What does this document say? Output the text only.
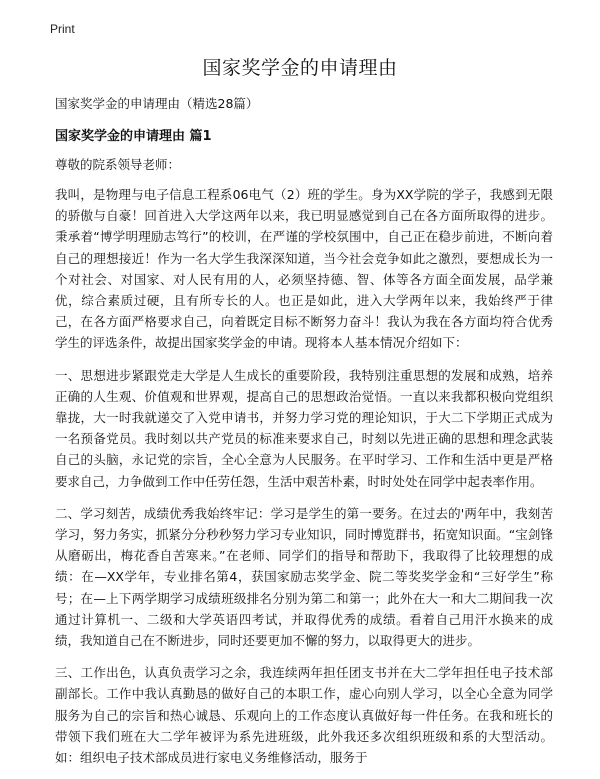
Print
国家奖学金的申请理由

国家奖学金的申请理由（精选28篇）

国家奖学金的申请理由 篇1

尊敬的院系领导老师：

我叫，是物理与电子信息工程系06电气（2）班的学生。身为XX学院的学子，我感到无限的骄傲与自豪！回首进入大学这两年以来，我已明显感觉到自己在各方面所取得的进步。秉承着“博学明理励志笃行”的校训，在严谨的学校氛围中，自己正在稳步前进，不断向着自己的理想接近！作为一名大学生我深深知道，当今社会竞争如此之激烈，要想成长为一个对社会、对国家、对人民有用的人，必须坚持德、智、体等各方面全面发展，品学兼优，综合素质过硬，且有所专长的人。也正是如此，进入大学两年以来，我始终严于律己，在各方面严格要求自己，向着既定目标不断努力奋斗！我认为我在各方面均符合优秀学生的评选条件，故提出国家奖学金的申请。现将本人基本情况介绍如下：

一、思想进步紧跟党走大学是人生成长的重要阶段，我特别注重思想的发展和成熟，培养正确的人生观、价值观和世界观，提高自己的思想政治觉悟。一直以来我都积极向党组织靠拢，大一时我就递交了入党申请书，并努力学习党的理论知识，于大二下学期正式成为一名预备党员。我时刻以共产党员的标准来要求自己，时刻以先进正确的思想和理念武装自己的头脑，永记党的宗旨，全心全意为人民服务。在平时学习、工作和生活中更是严格要求自己，力争做到工作中任劳任怨，生活中艰苦朴素，时时处处在同学中起表率作用。

二、学习刻苦，成绩优秀我始终牢记：学习是学生的第一要务。在过去的'两年中，我刻苦学习，努力务实，抓紧分分秒秒努力学习专业知识，同时博览群书，拓宽知识面。“宝剑锋从磨砺出，梅花香自苦寒来。”在老师、同学们的指导和帮助下，我取得了比较理想的成绩：在—XX学年，专业排名第4，获国家励志奖学金、院二等奖奖学金和“三好学生”称号；在—上下两学期学习成绩班级排名分别为第二和第一；此外在大一和大二期间我一次通过计算机一、二级和大学英语四考试，并取得优秀的成绩。看着自己用汗水换来的成绩，我知道自己在不断进步，同时还要更加不懈的努力，以取得更大的进步。

三、工作出色，认真负责学习之余，我连续两年担任团支书并在大二学年担任电子技术部副部长。工作中我认真勤恳的做好自己的本职工作，虚心向别人学习，以全心全意为同学服务为自己的宗旨和热心诚恳、乐观向上的工作态度认真做好每一件任务。在我和班长的带领下我们班在大二学年被评为系先进班级，此外我还多次组织班级和系的大型活动。如：组织电子技术部成员进行家电义务维修活动，服务于
